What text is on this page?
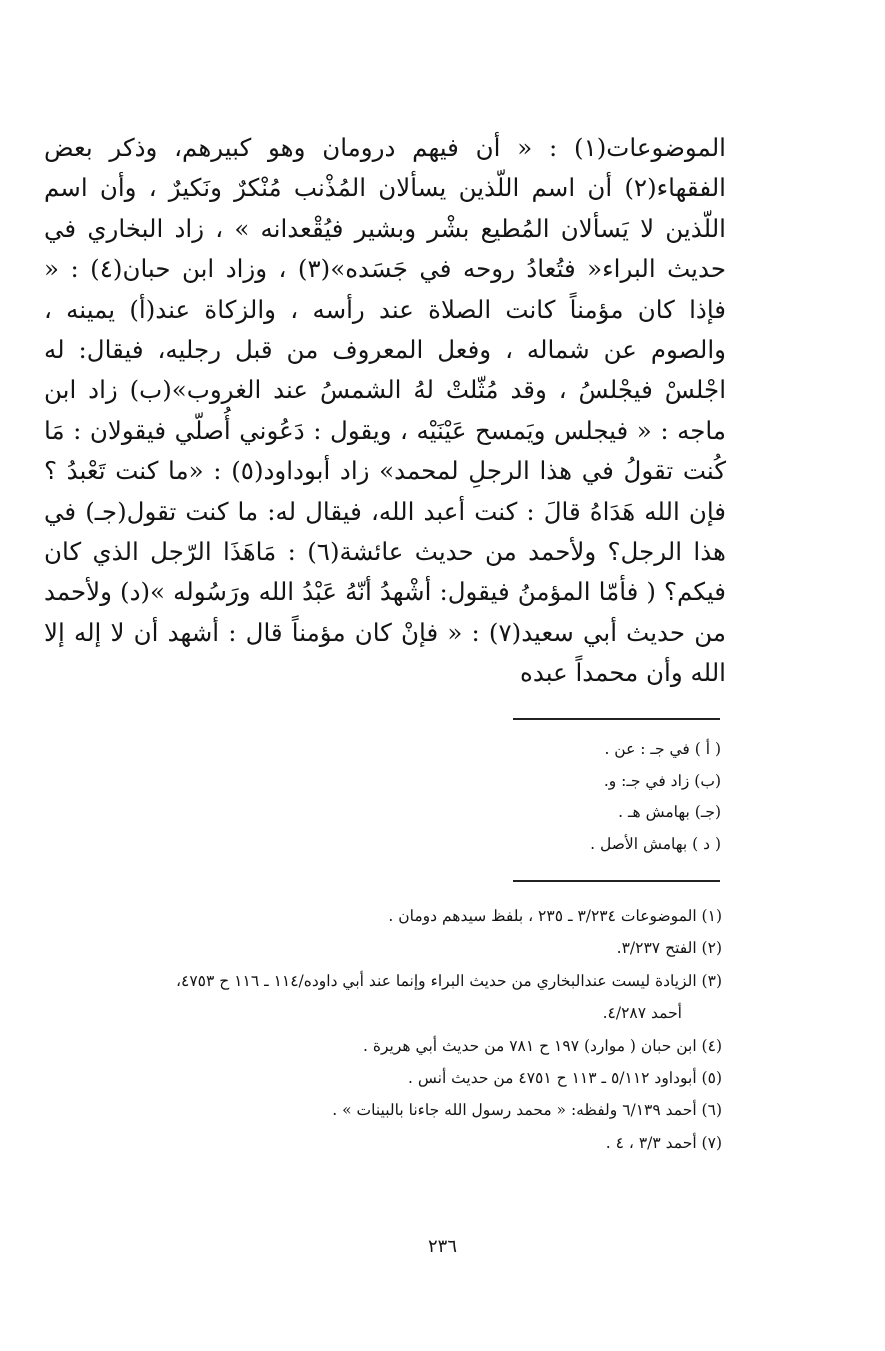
الموضوعات(١) : « أن فيهم درومان وهو كبيرهم، وذكر بعض الفقهاء(٢) أن اسم اللّذين يسألان المُذْنب مُنْكرٌ ونَكيرٌ ، وأن اسم اللّذين لا يَسألان المُطيع بشْر وبشير فيُقْعدانه » ، زاد البخاري في حديث البراء« فتُعادُ روحه في جَسَده»(٣) ، وزاد ابن حبان(٤) : « فإذا كان مؤمناً كانت الصلاة عند رأسه ، والزكاة عند(أ) يمينه ، والصوم عن شماله ، وفعل المعروف من قبل رجليه، فيقال: له اجْلسْ فيجْلسُ ، وقد مُثّلتْ لهُ الشمسُ عند الغروب»(ب) زاد ابن ماجه : « فيجلس ويَمسح عَيْنَيْه ، ويقول : دَعُوني أُصلّي فيقولان : مَا كُنت تقولُ في هذا الرجلِ لمحمد» زاد أبوداود(٥) : «ما كنت تَعْبدُ ؟ فإن الله هَدَاهُ قالَ : كنت أعبد الله، فيقال له: ما كنت تقول(جـ) في هذا الرجل؟ ولأحمد من حديث عائشة(٦) : مَاهَذَا الرّجل الذي كان فيكم؟ ( فأمّا المؤمنُ فيقول: أشْهدُ أنّهُ عَبْدُ الله ورَسُوله »(د) ولأحمد من حديث أبي سعيد(٧) : « فإنْ كان مؤمناً قال : أشهد أن لا إله إلا الله وأن محمداً عبده

( أ ) في جـ : عن .
(ب) زاد في جـ: و.
(جـ) بهامش هـ .
( د ) بهامش الأصل .
(١) الموضوعات ٣/٢٣٤ ـ ٢٣٥ ، بلفظ سيدهم دومان .
(٢) الفتح ٣/٢٣٧.
(٣) الزيادة ليست عندالبخاري من حديث البراء وإنما عند أبي داوده/١١٤ ـ ١١٦ ح ٤٧٥٣،
أحمد ٤/٢٨٧.
(٤) ابن حبان ( موارد) ١٩٧ ح ٧٨١ من حديث أبي هريرة .
(٥) أبوداود ٥/١١٢ ـ ١١٣ ح ٤٧٥١ من حديث أنس .
(٦) أحمد ٦/١٣٩ ولفظه: « محمد رسول الله جاءنا بالبينات » .
(٧) أحمد ٣/٣ ، ٤ .
٢٣٦
